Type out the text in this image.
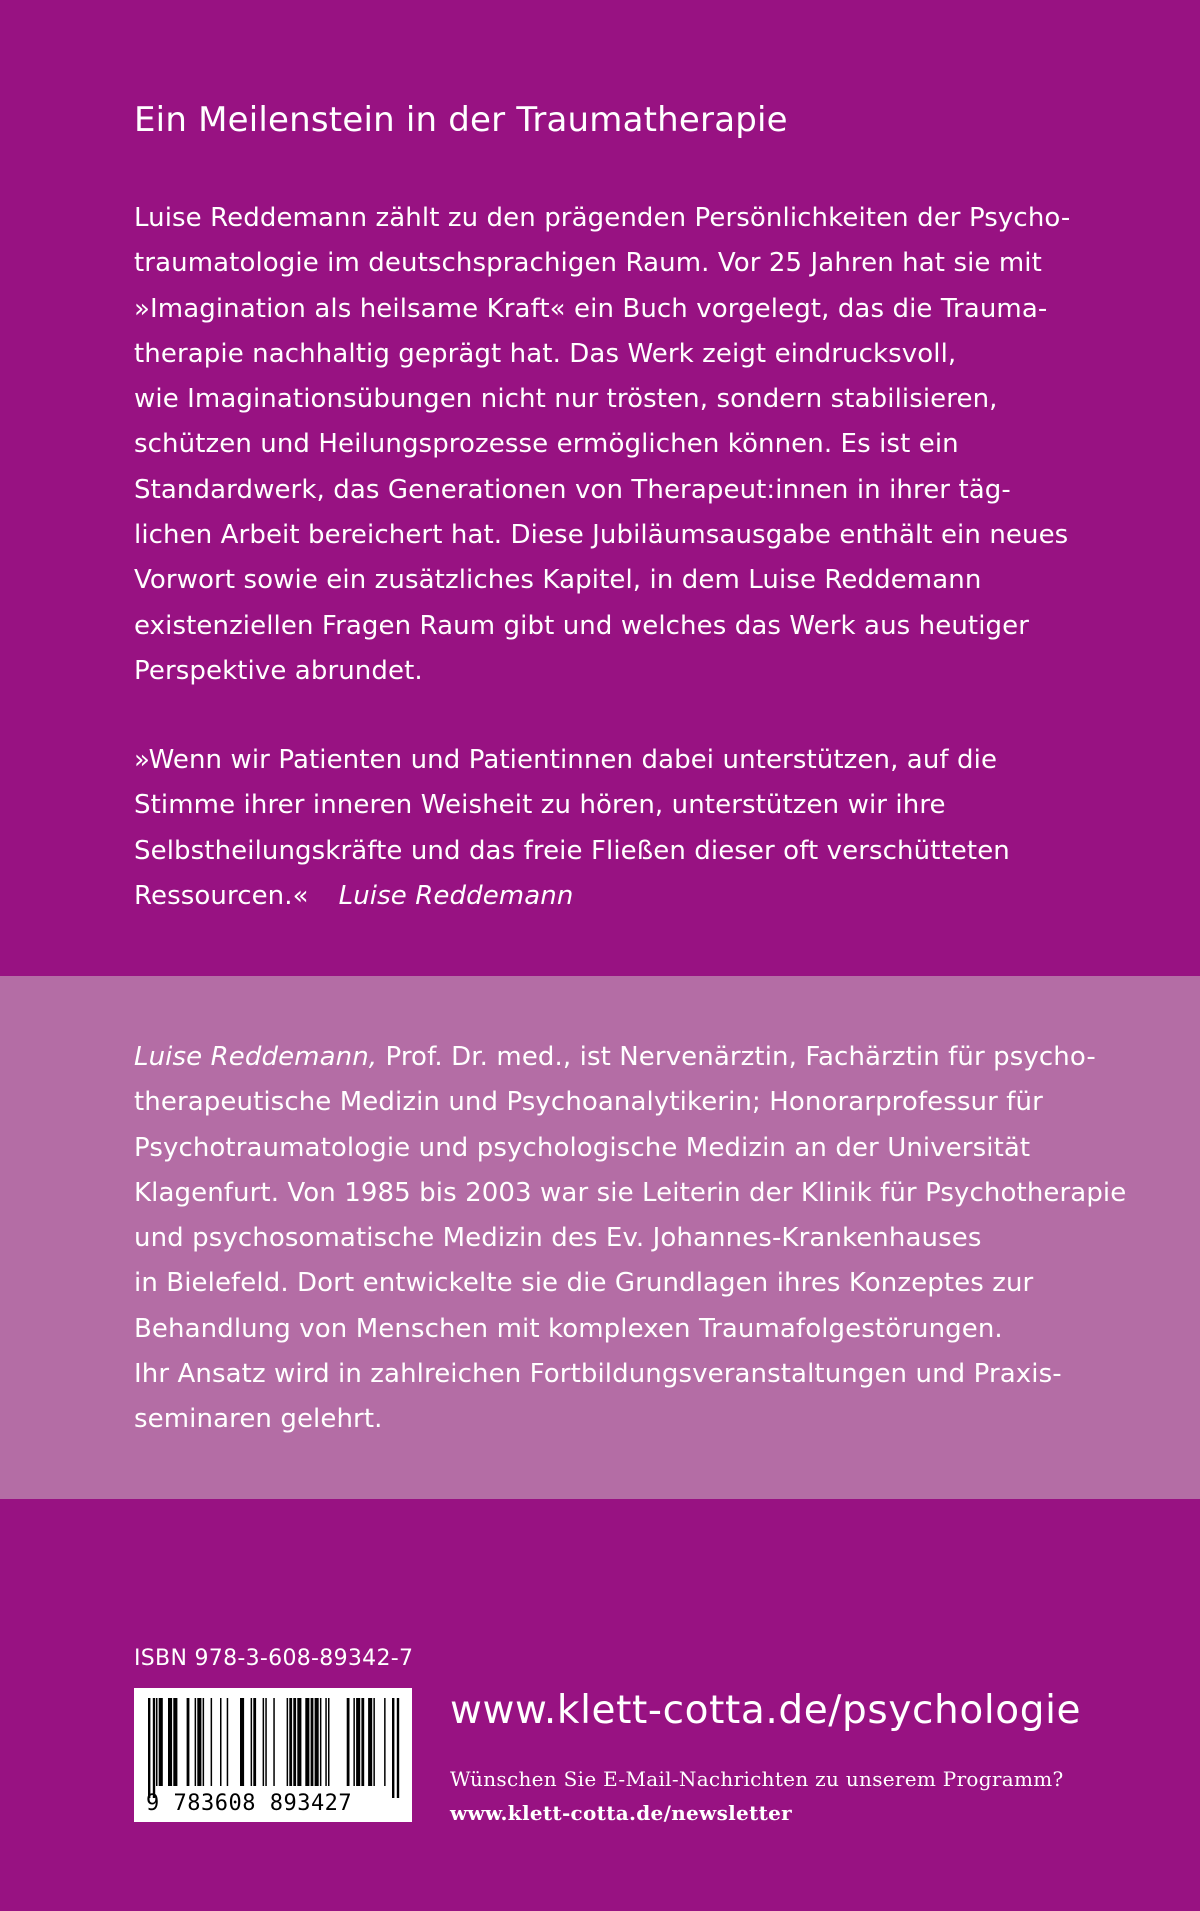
Ein Meilenstein in der Traumatherapie
Luise Reddemann zählt zu den prägenden Persönlichkeiten der Psycho-
traumatologie im deutschsprachigen Raum. Vor 25 Jahren hat sie mit
»Imagination als heilsame Kraft« ein Buch vorgelegt, das die Trauma-
therapie nachhaltig geprägt hat. Das Werk zeigt eindrucksvoll,
wie Imaginationsübungen nicht nur trösten, sondern stabilisieren,
schützen und Heilungsprozesse ermöglichen können. Es ist ein
Standardwerk, das Generationen von Therapeut:innen in ihrer täg-
lichen Arbeit bereichert hat. Diese Jubiläumsausgabe enthält ein neues
Vorwort sowie ein zusätzliches Kapitel, in dem Luise Reddemann
existenziellen Fragen Raum gibt und welches das Werk aus heutiger
Perspektive abrundet.
»Wenn wir Patienten und Patientinnen dabei unterstützen, auf die
Stimme ihrer inneren Weisheit zu hören, unterstützen wir ihre
Selbstheilungskräfte und das freie Fließen dieser oft verschütteten
Ressourcen.« Luise Reddemann
Luise Reddemann, Prof. Dr. med., ist Nervenärztin, Fachärztin für psycho-
therapeutische Medizin und Psychoanalytikerin; Honorarprofessur für
Psychotraumatologie und psychologische Medizin an der Universität
Klagenfurt. Von 1985 bis 2003 war sie Leiterin der Klinik für Psychotherapie
und psychosomatische Medizin des Ev. Johannes-Krankenhauses
in Bielefeld. Dort entwickelte sie die Grundlagen ihres Konzeptes zur
Behandlung von Menschen mit komplexen Traumafolgestörungen.
Ihr Ansatz wird in zahlreichen Fortbildungsveranstaltungen und Praxis-
seminaren gelehrt.
ISBN 978-3-608-89342-7
9 783608 893427
www.klett-cotta.de/psychologie
Wünschen Sie E-Mail-Nachrichten zu unserem Programm?
www.klett-cotta.de/newsletter
